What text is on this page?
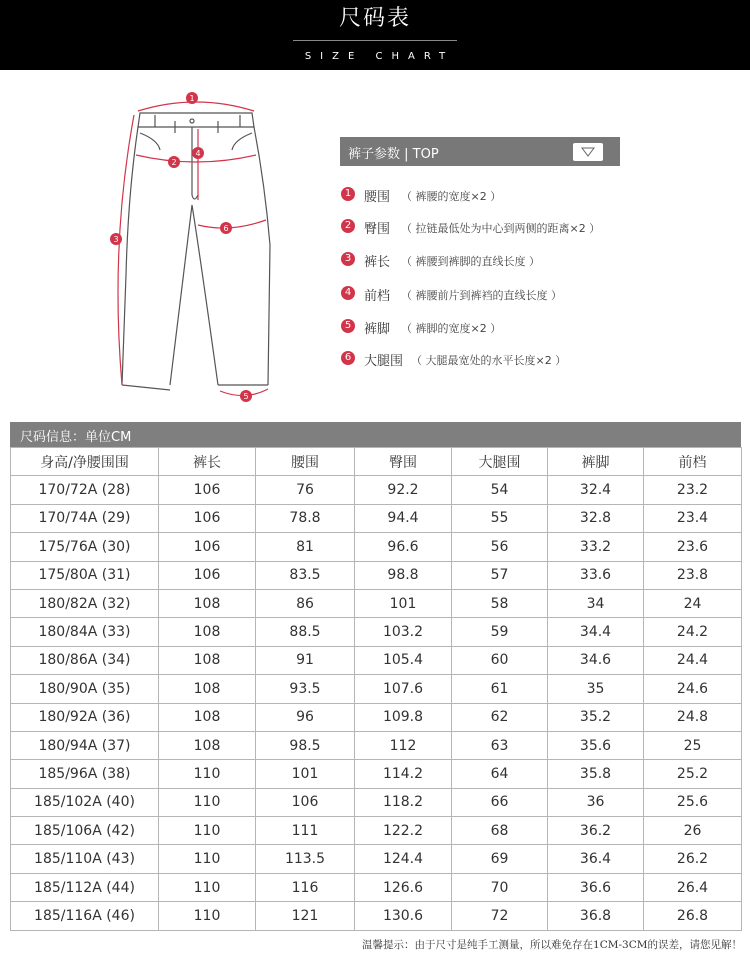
尺码表
SIZE CHART
1
2
3
4
6
5
裤子参数 | TOP
1 腰围 （ 裤腰的宽度×2 ）
2 臀围 （ 拉链最低处为中心到两侧的距离×2 ）
3 裤长 （ 裤腰到裤脚的直线长度 ）
4 前档 （ 裤腰前片到裤裆的直线长度 ）
5 裤脚 （ 裤脚的宽度×2 ）
6 大腿围 （ 大腿最宽处的水平长度×2 ）
尺码信息：单位CM
身高/净腰围围	裤长	腰围	臀围	大腿围	裤脚	前档
170/72A (28)	106	76	92.2	54	32.4	23.2
170/74A (29)	106	78.8	94.4	55	32.8	23.4
175/76A (30)	106	81	96.6	56	33.2	23.6
175/80A (31)	106	83.5	98.8	57	33.6	23.8
180/82A (32)	108	86	101	58	34	24
180/84A (33)	108	88.5	103.2	59	34.4	24.2
180/86A (34)	108	91	105.4	60	34.6	24.4
180/90A (35)	108	93.5	107.6	61	35	24.6
180/92A (36)	108	96	109.8	62	35.2	24.8
180/94A (37)	108	98.5	112	63	35.6	25
185/96A (38)	110	101	114.2	64	35.8	25.2
185/102A (40)	110	106	118.2	66	36	25.6
185/106A (42)	110	111	122.2	68	36.2	26
185/110A (43)	110	113.5	124.4	69	36.4	26.2
185/112A (44)	110	116	126.6	70	36.6	26.4
185/116A (46)	110	121	130.6	72	36.8	26.8
温馨提示：由于尺寸是纯手工测量，所以难免存在1CM-3CM的误差，请您见解！
